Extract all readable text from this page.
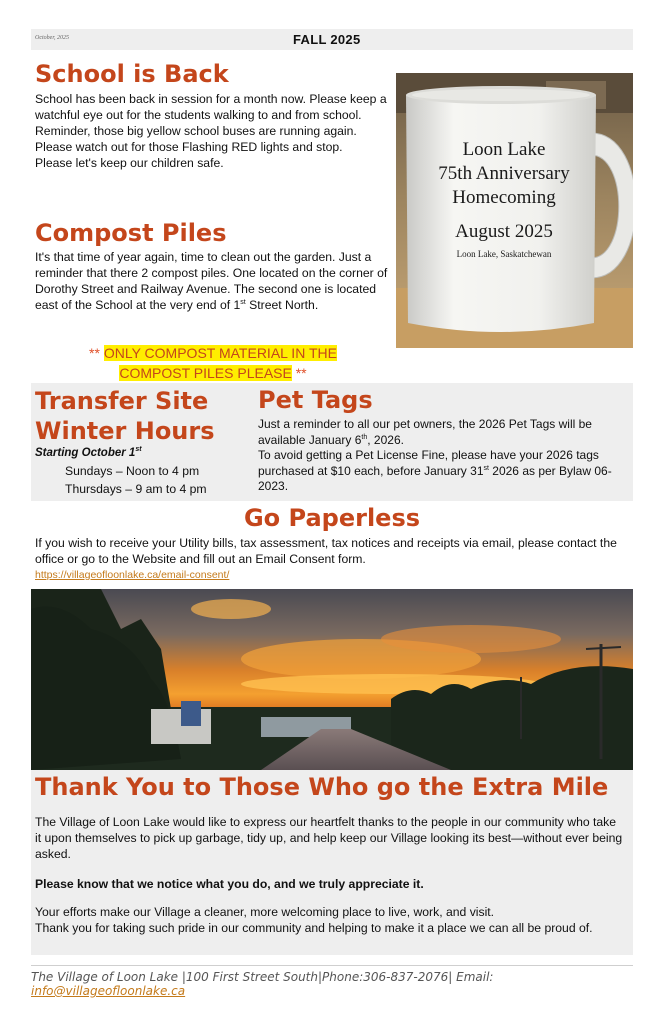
October, 2025	FALL 2025
School is Back
School has been back in session for a month now. Please keep a watchful eye out for the students walking to and from school.
Reminder, those big yellow school buses are running again. Please watch out for those Flashing RED lights and stop.
Please let's keep our children safe.
Loon Lake
75th Anniversary
Homecoming
August 2025
Loon Lake, Saskatchewan
Compost Piles
It's that time of year again, time to clean out the garden. Just a reminder that there 2 compost piles. One located on the corner of Dorothy Street and Railway Avenue. The second one is located east of the School at the very end of 1st Street North.
** ONLY COMPOST MATERIAL IN THE
COMPOST PILES PLEASE **
Transfer Site
Winter Hours
Starting October 1st
Sundays – Noon to 4 pm
Thursdays – 9 am to 4 pm
Pet Tags
Just a reminder to all our pet owners, the 2026 Pet Tags will be available January 6th, 2026.
To avoid getting a Pet License Fine, please have your 2026 tags purchased at $10 each, before January 31st 2026 as per Bylaw 06-2023.
Go Paperless
If you wish to receive your Utility bills, tax assessment, tax notices and receipts via email, please contact the office or go to the Website and fill out an Email Consent form.
https://villageofloonlake.ca/email-consent/
Thank You to Those Who go the Extra Mile
The Village of Loon Lake would like to express our heartfelt thanks to the people in our community who take it upon themselves to pick up garbage, tidy up, and help keep our Village looking its best—without ever being asked.
Please know that we notice what you do, and we truly appreciate it.
Your efforts make our Village a cleaner, more welcoming place to live, work, and visit.
Thank you for taking such pride in our community and helping to make it a place we can all be proud of.
The Village of Loon Lake |100 First Street South|Phone:306-837-2076| Email: info@villageofloonlake.ca
